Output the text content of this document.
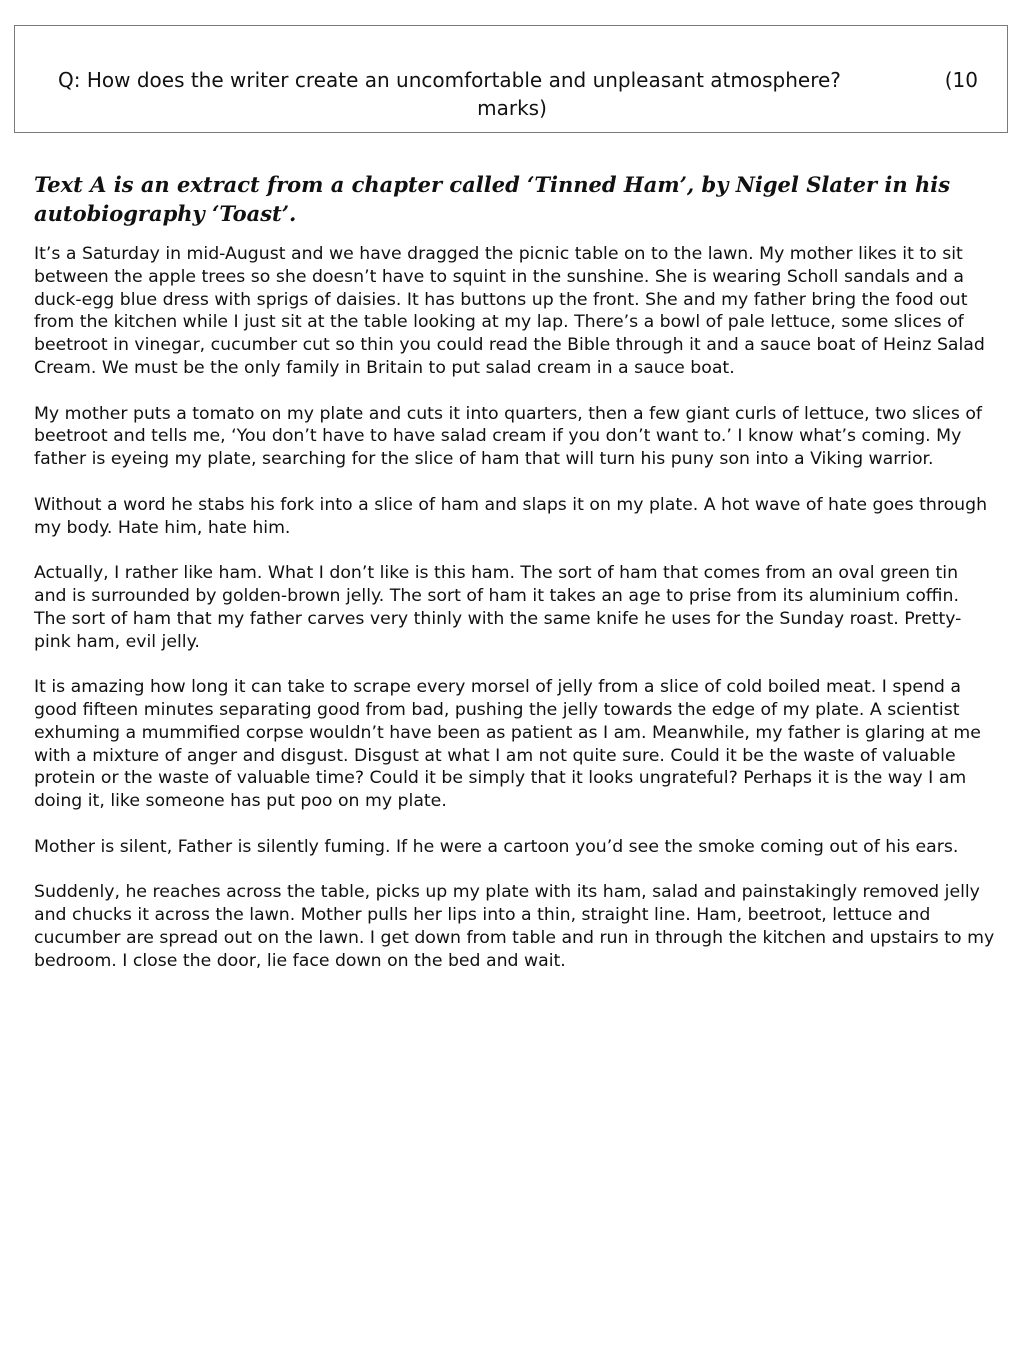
Q: How does the writer create an uncomfortable and unpleasant atmosphere?	(10
marks)

Text A is an extract from a chapter called ‘Tinned Ham’, by Nigel Slater in his autobiography ‘Toast’.

It’s a Saturday in mid-August and we have dragged the picnic table on to the lawn. My mother likes it to sit between the apple trees so she doesn’t have to squint in the sunshine. She is wearing Scholl sandals and a duck-egg blue dress with sprigs of daisies. It has buttons up the front. She and my father bring the food out from the kitchen while I just sit at the table looking at my lap. There’s a bowl of pale lettuce, some slices of beetroot in vinegar, cucumber cut so thin you could read the Bible through it and a sauce boat of Heinz Salad Cream. We must be the only family in Britain to put salad cream in a sauce boat.

My mother puts a tomato on my plate and cuts it into quarters, then a few giant curls of lettuce, two slices of beetroot and tells me, ‘You don’t have to have salad cream if you don’t want to.’ I know what’s coming. My father is eyeing my plate, searching for the slice of ham that will turn his puny son into a Viking warrior.

Without a word he stabs his fork into a slice of ham and slaps it on my plate. A hot wave of hate goes through my body. Hate him, hate him.

Actually, I rather like ham. What I don’t like is this ham. The sort of ham that comes from an oval green tin and is surrounded by golden-brown jelly. The sort of ham it takes an age to prise from its aluminium coffin. The sort of ham that my father carves very thinly with the same knife he uses for the Sunday roast. Pretty-pink ham, evil jelly.

It is amazing how long it can take to scrape every morsel of jelly from a slice of cold boiled meat. I spend a good fifteen minutes separating good from bad, pushing the jelly towards the edge of my plate. A scientist exhuming a mummified corpse wouldn’t have been as patient as I am. Meanwhile, my father is glaring at me with a mixture of anger and disgust. Disgust at what I am not quite sure. Could it be the waste of valuable protein or the waste of valuable time? Could it be simply that it looks ungrateful? Perhaps it is the way I am doing it, like someone has put poo on my plate.

Mother is silent, Father is silently fuming. If he were a cartoon you’d see the smoke coming out of his ears.

Suddenly, he reaches across the table, picks up my plate with its ham, salad and painstakingly removed jelly and chucks it across the lawn. Mother pulls her lips into a thin, straight line. Ham, beetroot, lettuce and cucumber are spread out on the lawn. I get down from table and run in through the kitchen and upstairs to my bedroom. I close the door, lie face down on the bed and wait.
